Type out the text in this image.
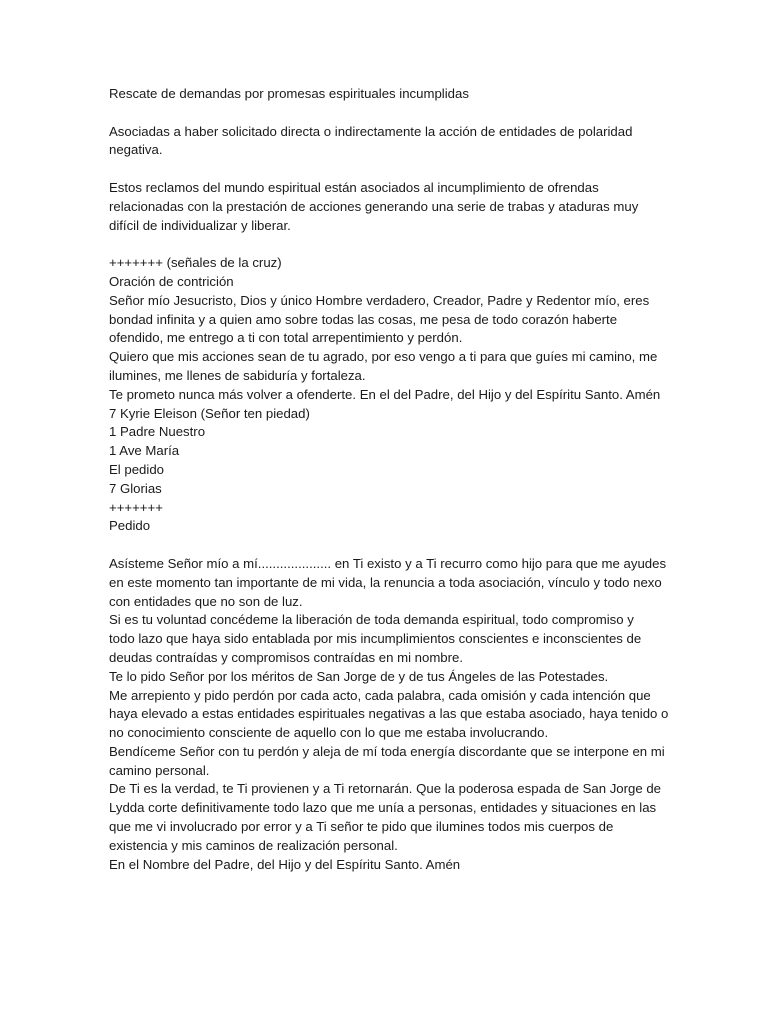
Rescate de demandas por promesas espirituales incumplidas
Asociadas a haber solicitado directa o indirectamente la acción de entidades de polaridad
negativa.
Estos reclamos del mundo espiritual están asociados al incumplimiento de ofrendas
relacionadas con la prestación de acciones generando una serie de trabas y ataduras muy
difícil de individualizar y liberar.
+++++++ (señales de la cruz)
Oración de contrición
Señor mío Jesucristo, Dios y único Hombre verdadero, Creador, Padre y Redentor mío, eres
bondad infinita y a quien amo sobre todas las cosas, me pesa de todo corazón haberte
ofendido, me entrego a ti con total arrepentimiento y perdón.
Quiero que mis acciones sean de tu agrado, por eso vengo a ti para que guíes mi camino, me
ilumines, me llenes de sabiduría y fortaleza.
Te prometo nunca más volver a ofenderte. En el del Padre, del Hijo y del Espíritu Santo. Amén
7 Kyrie Eleison (Señor ten piedad)
1 Padre Nuestro
1 Ave María
El pedido
7 Glorias
+++++++
Pedido
Asísteme Señor mío a mí.................... en Ti existo y a Ti recurro como hijo para que me ayudes
en este momento tan importante de mi vida, la renuncia a toda asociación, vínculo y todo nexo
con entidades que no son de luz.
Si es tu voluntad concédeme la liberación de toda demanda espiritual, todo compromiso y
todo lazo que haya sido entablada por mis incumplimientos conscientes e inconscientes de
deudas contraídas y compromisos contraídas en mi nombre.
Te lo pido Señor por los méritos de San Jorge de y de tus Ángeles de las Potestades.
Me arrepiento y pido perdón por cada acto, cada palabra, cada omisión y cada intención que
haya elevado a estas entidades espirituales negativas a las que estaba asociado, haya tenido o
no conocimiento consciente de aquello con lo que me estaba involucrando.
Bendíceme Señor con tu perdón y aleja de mí toda energía discordante que se interpone en mi
camino personal.
De Ti es la verdad, te Ti provienen y a Ti retornarán. Que la poderosa espada de San Jorge de
Lydda corte definitivamente todo lazo que me unía a personas, entidades y situaciones en las
que me vi involucrado por error y a Ti señor te pido que ilumines todos mis cuerpos de
existencia y mis caminos de realización personal.
En el Nombre del Padre, del Hijo y del Espíritu Santo. Amén
